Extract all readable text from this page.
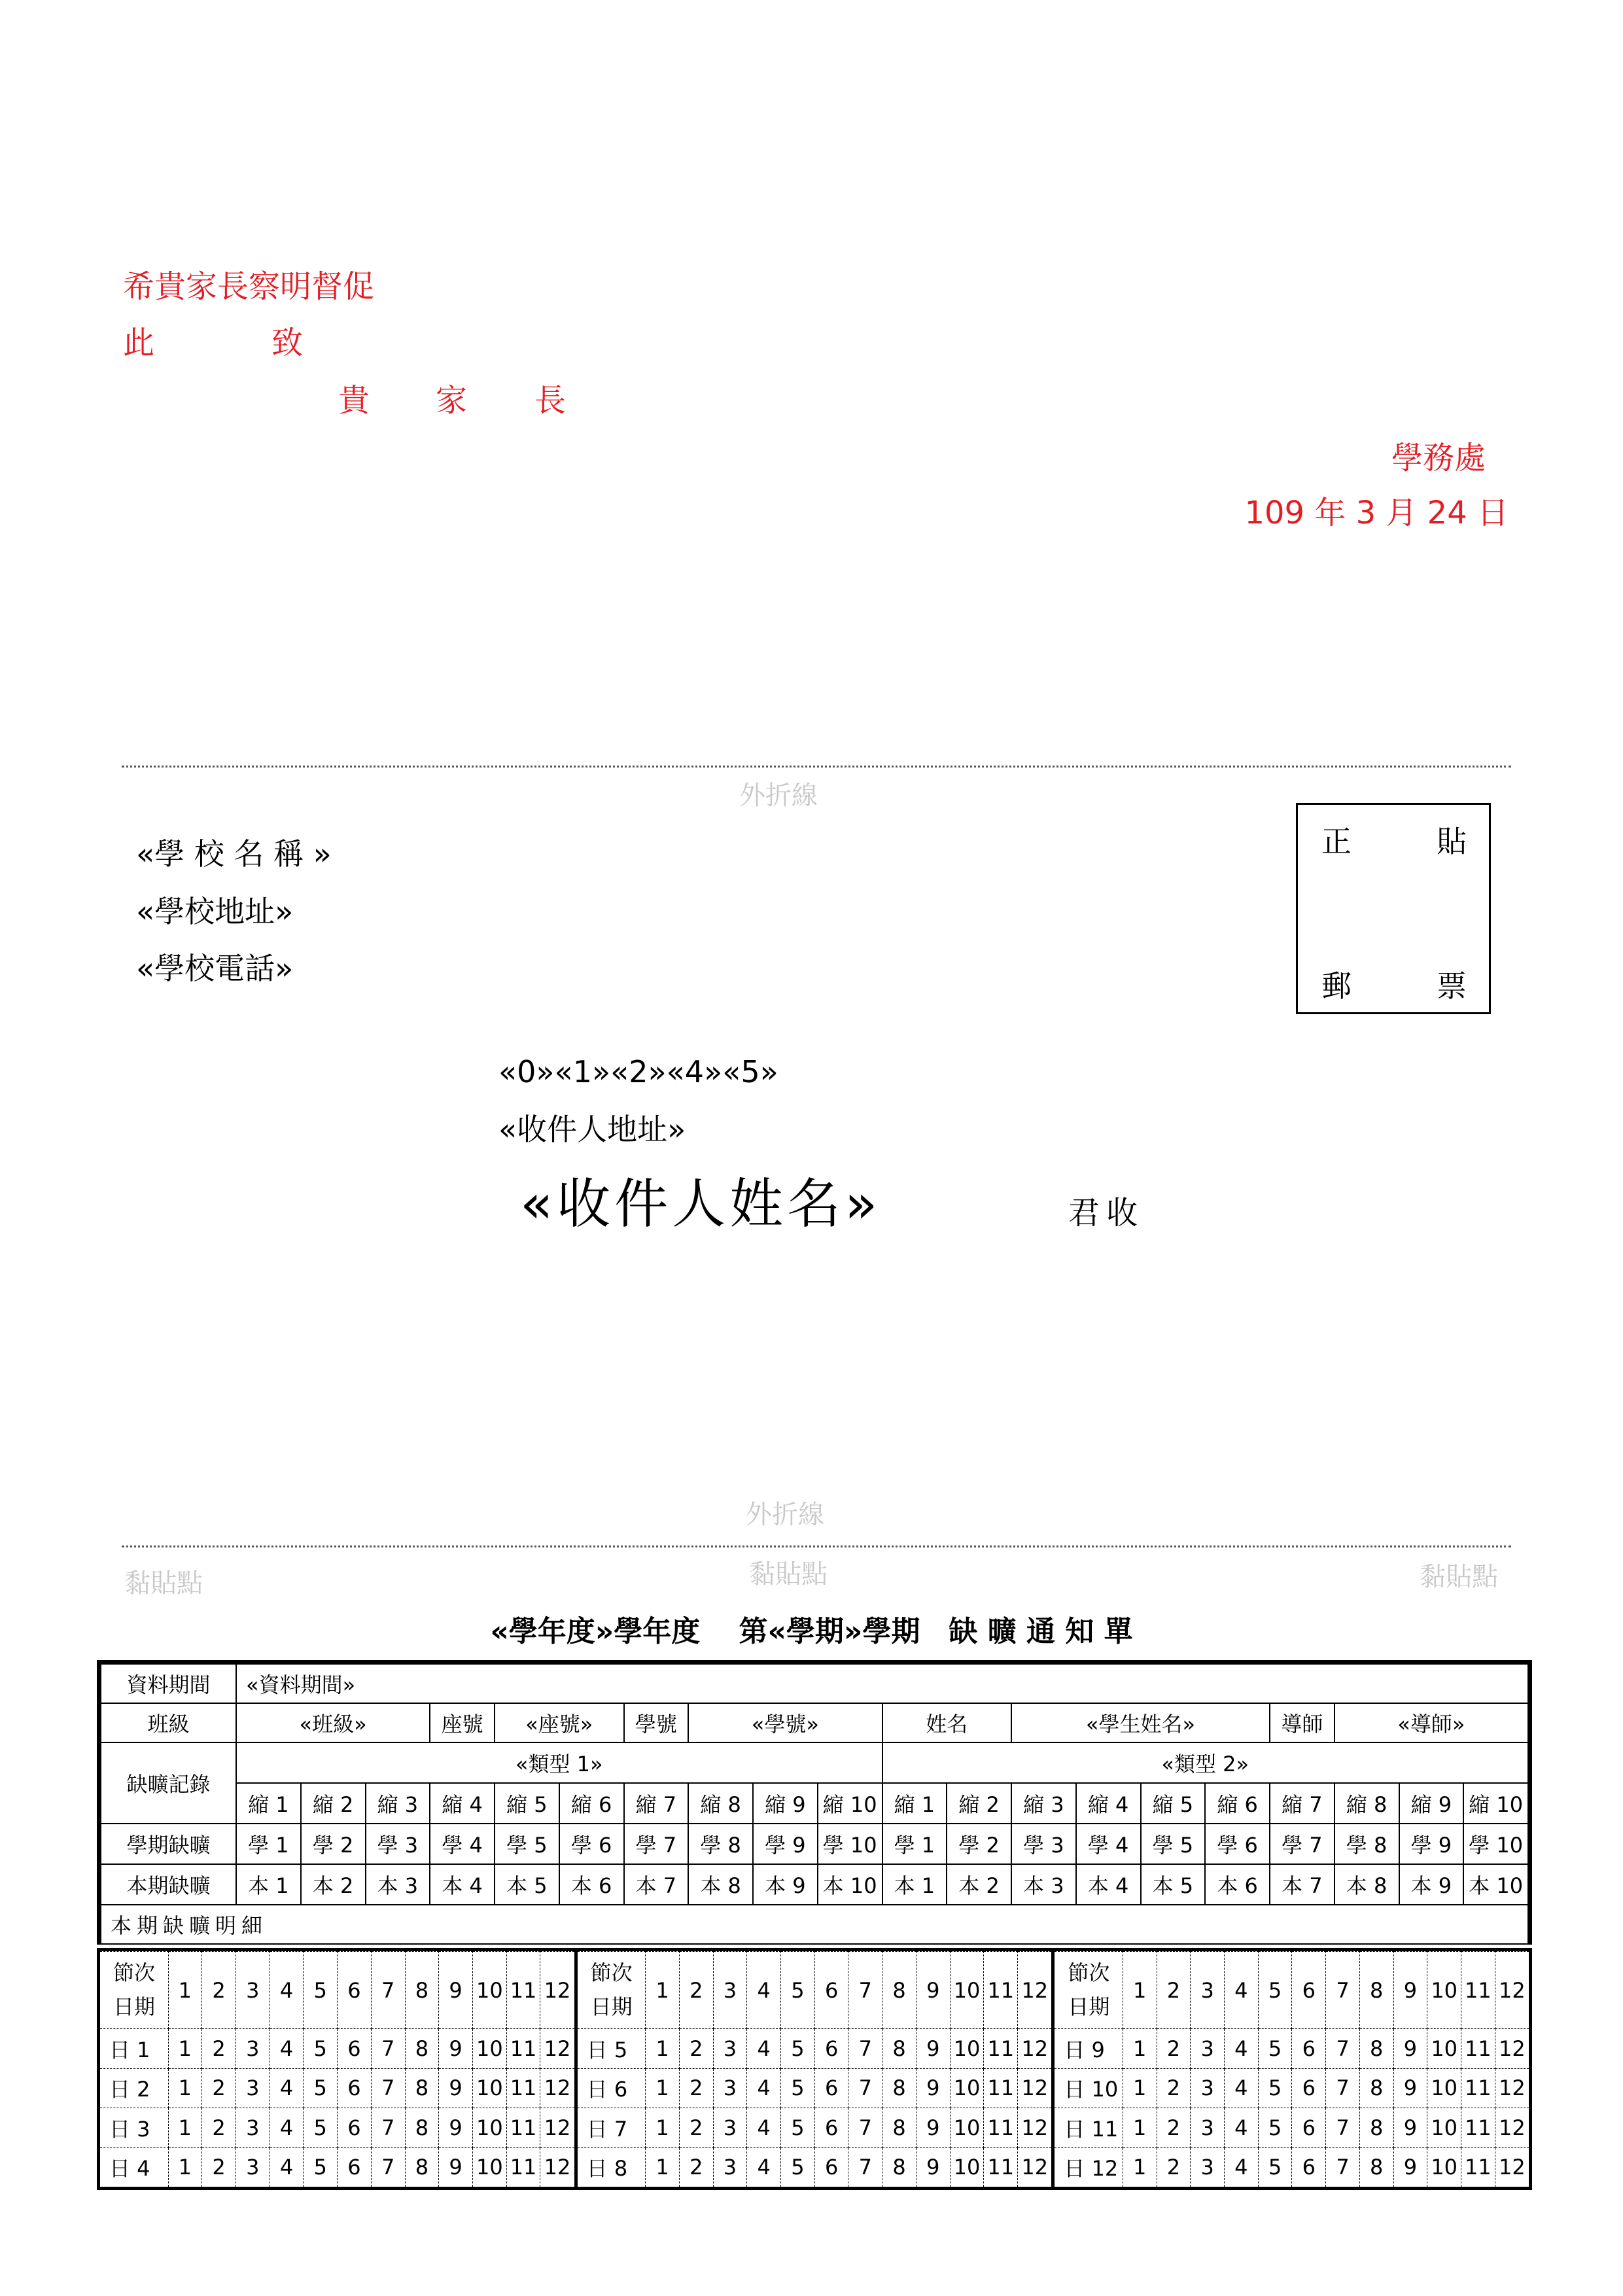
希貴家長察明督促
此	致
貴 家 長
學務處
109 年 3 月 24 日
外折線
«學 校 名 稱 »
«學校地址»
«學校電話»
正	貼
郵	票
«0»«1»«2»«4»«5»
«收件人地址»
«收件人姓名»	君收
外折線
黏貼點	黏貼點	黏貼點
«學年度»學年度　 第«學期»學期　缺 曠 通 知 單
資料期間	«資料期間»																			
班級	«班級»			座號	«座號»		學號	«學號»			姓名		«學生姓名»				導師	«導師»		
缺曠記錄	«類型 1»										«類型 2»									
	縮 1	縮 2	縮 3	縮 4	縮 5	縮 6	縮 7	縮 8	縮 9	縮 10	縮 1	縮 2	縮 3	縮 4	縮 5	縮 6	縮 7	縮 8	縮 9	縮 10
學期缺曠	學 1	學 2	學 3	學 4	學 5	學 6	學 7	學 8	學 9	學 10	學 1	學 2	學 3	學 4	學 5	學 6	學 7	學 8	學 9	學 10
本期缺曠	本 1	本 2	本 3	本 4	本 5	本 6	本 7	本 8	本 9	本 10	本 1	本 2	本 3	本 4	本 5	本 6	本 7	本 8	本 9	本 10
本期缺曠明細																				
節次
日期	1	2	3	4	5	6	7	8	9	10	11	12
日 1	1	2	3	4	5	6	7	8	9	10	11	12
日 2	1	2	3	4	5	6	7	8	9	10	11	12
日 3	1	2	3	4	5	6	7	8	9	10	11	12
日 4	1	2	3	4	5	6	7	8	9	10	11	12
節次
日期	1	2	3	4	5	6	7	8	9	10	11	12
日 5	1	2	3	4	5	6	7	8	9	10	11	12
日 6	1	2	3	4	5	6	7	8	9	10	11	12
日 7	1	2	3	4	5	6	7	8	9	10	11	12
日 8	1	2	3	4	5	6	7	8	9	10	11	12
節次
日期	1	2	3	4	5	6	7	8	9	10	11	12
日 9	1	2	3	4	5	6	7	8	9	10	11	12
日 10	1	2	3	4	5	6	7	8	9	10	11	12
日 11	1	2	3	4	5	6	7	8	9	10	11	12
日 12	1	2	3	4	5	6	7	8	9	10	11	12
